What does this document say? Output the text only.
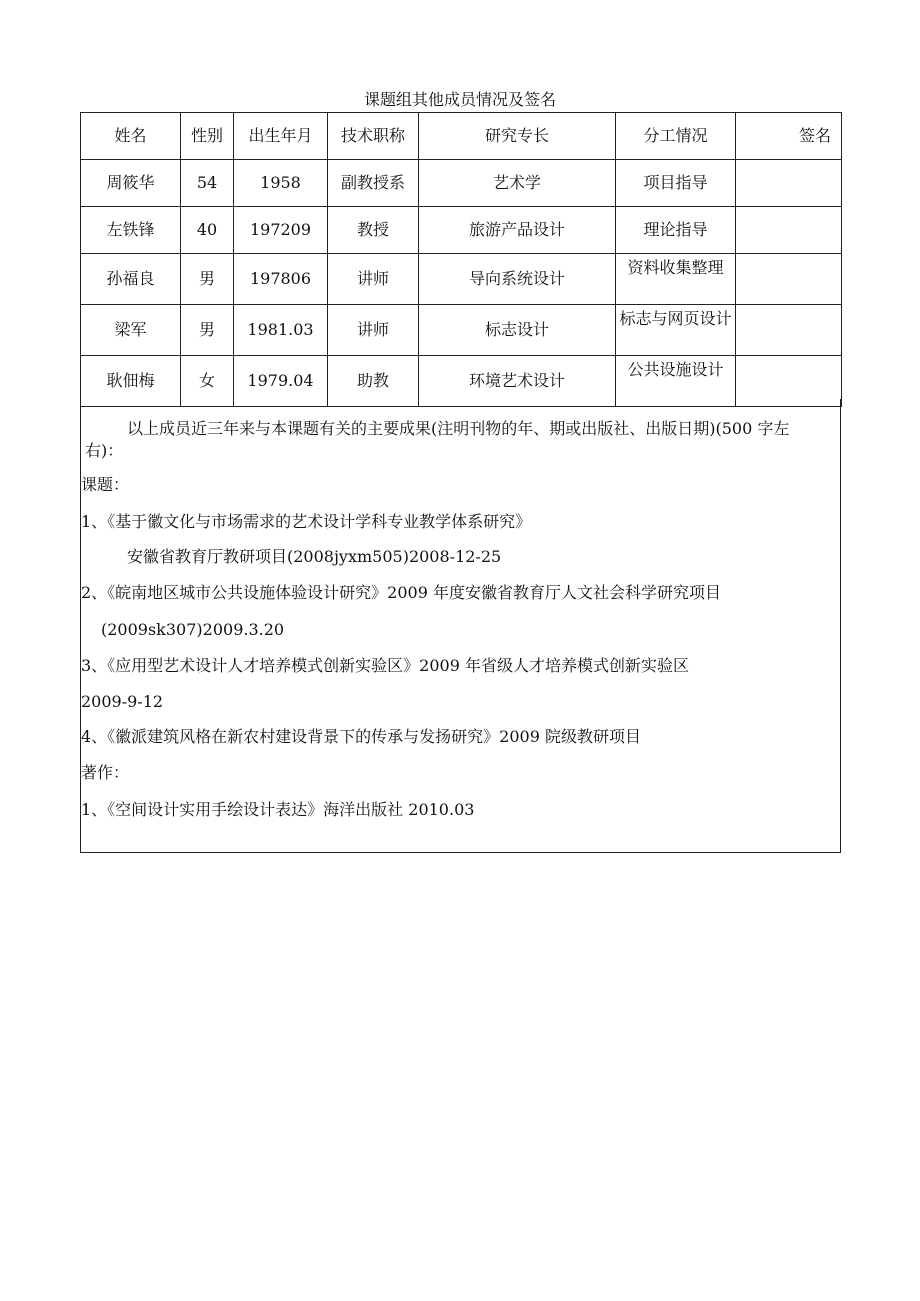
课题组其他成员情况及签名
姓名	性别	出生年月	技术职称	研究专长	分工情况	签名
周筱华	54	1958	副教授系	艺术学	项目指导	
左铁锋	40	197209	教授	旅游产品设计	理论指导	
孙福良	男	197806	讲师	导向系统设计	资料收集整理	
梁军	男	1981.03	讲师	标志设计	标志与网页设计	
耿佃梅	女	1979.04	助教	环境艺术设计	公共设施设计	
以上成员近三年来与本课题有关的主要成果(注明刊物的年、期或出版社、出版日期)(500 字左右)：
课题：
1、《基于徽文化与市场需求的艺术设计学科专业教学体系研究》
安徽省教育厅教研项目(2008jyxm505)2008-12-25
2、《皖南地区城市公共设施体验设计研究》2009 年度安徽省教育厅人文社会科学研究项目
(2009sk307)2009.3.20
3、《应用型艺术设计人才培养模式创新实验区》2009 年省级人才培养模式创新实验区
2009-9-12
4、《徽派建筑风格在新农村建设背景下的传承与发扬研究》2009 院级教研项目
著作：
1、《空间设计实用手绘设计表达》海洋出版社 2010.03
